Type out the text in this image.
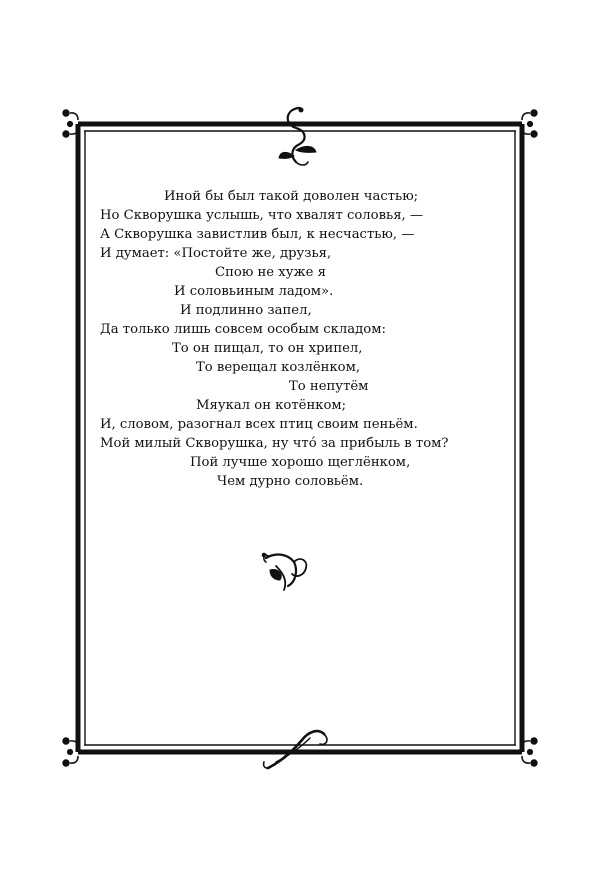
Иной бы был такой доволен частью;
Но Скворушка услышь, что хвалят соловья, —
А Скворушка завистлив был, к несчастью, —
И думает: «Постойте же, друзья,
Спою не хуже я
И соловьиным ладом».
И подлинно запел,
Да только лишь совсем особым складом:
То он пищал, то он хрипел,
То верещал козлёнком,
То непутём
Мяукал он котёнком;
И, словом, разогнал всех птиц своим пеньём.
Мой милый Скворушка, ну что́ за прибыль в том?
Пой лучше хорошо щеглёнком,
Чем дурно соловьём.
